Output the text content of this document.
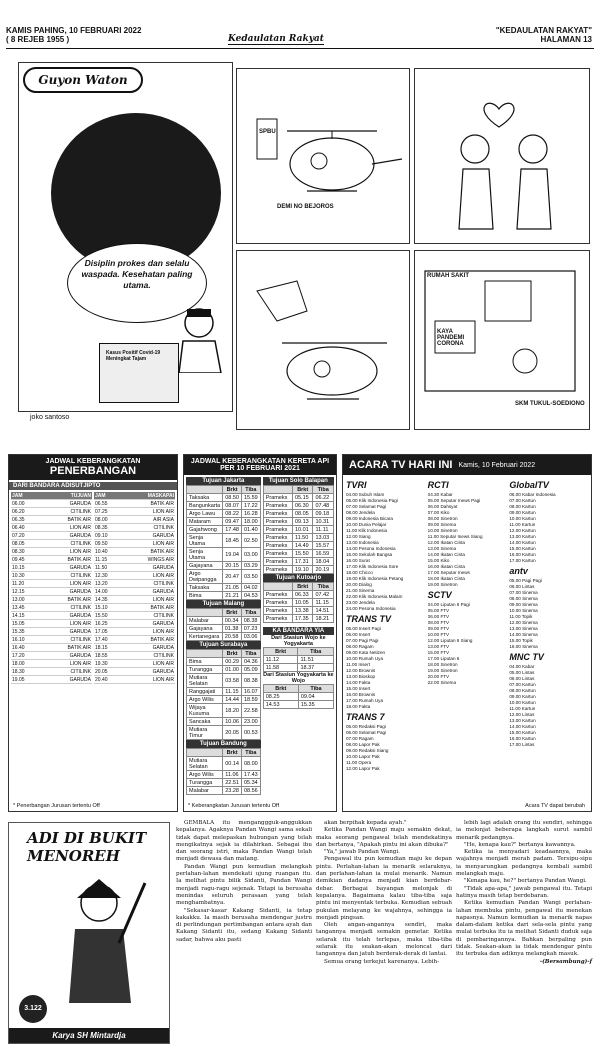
KAMIS PAHING, 10 FEBRUARI 2022
( 8 REJEB 1955 )	Kedaulatan Rakyat
"KEDAULATAN RAKYAT"
HALAMAN 13
Guyon Waton
Disiplin prokes dan selalu waspada. Kesehatan paling utama.
Kasus Positif Covid-19 Meningkat Tajam
SPBU
DEMI NO BEJOROS
RUMAH SAKIT
KAYA PANDEMI CORONA
SKM TUKUL-SOEDIONO
joko santoso
JADWAL KEBERANGKATAN
PENERBANGAN
DARI BANDARA ADISUTJIPTO
JAM	TUJUAN
06.00	GARUDA
06.20	CITILINK
06.35	BATIK AIR
06.40	LION AIR
07.20	GARUDA
08.05	CITILINK
08.30	LION AIR
09.45	BATIK AIR
10.15	GARUDA
10.30	CITILINK
11.20	LION AIR
12.15	GARUDA
13.00	BATIK AIR
13.45	CITILINK
14.15	GARUDA
15.05	LION AIR
15.35	GARUDA
16.10	CITILINK
16.40	BATIK AIR
17.20	GARUDA
18.00	LION AIR
18.30	CITILINK
19.05	GARUDA
JAM	MASKAPAI
06.55	BATIK AIR
07.25	LION AIR
08.00	AIR ASIA
08.35	CITILINK
09.10	GARUDA
09.50	LION AIR
10.40	BATIK AIR
11.15	WINGS AIR
11.50	GARUDA
12.30	LION AIR
13.20	CITILINK
14.00	GARUDA
14.35	LION AIR
15.10	BATIK AIR
15.50	CITILINK
16.25	GARUDA
17.05	LION AIR
17.40	BATIK AIR
18.15	GARUDA
18.55	CITILINK
19.30	LION AIR
20.05	GARUDA
20.40	LION AIR
* Penerbangan Jurusan tertentu Off
JADWAL KEBERANGKATAN KERETA API
PER 10 FEBRUARI 2021
Tujuan Jakarta
	Brkt	Tiba
Taksaka	08.50	15.59
Bangunkarta	08.07	17.22
Argo Lawu	08.22	16.28
Mataram	09.47	18.00
Gajahwong	17.48	01.40
Senja Utama	18.45	02.50
Senja Utama	19.04	03.00
Gajayana	20.15	03.29
Argo Dwipangga	20.47	03.50
Taksaka	21.05	04.02
Bima	21.21	04.53
Tujuan Malang
	Brkt	Tiba
Malabar	00.34	08.38
Gajayana	01.38	07.23
Kertanegara	20.58	03.06
Tujuan Surabaya
	Brkt	Tiba
Bima	00.29	04.36
Turangga	01.00	05.09
Mutiara Selatan	03.58	08.38
Ranggajati	11.15	16.07
Argo Wilis	14.44	18.59
Wijaya Kusuma	18.20	22.58
Sancaka	10.06	23.00
Mutiara Timur	20.05	00.53
Tujuan Bandung
	Brkt	Tiba
Mutiara Selatan	00.14	08.00
Argo Wilis	11.06	17.43
Turangga	22.51	05.34
Malabar	23.28	08.56
Tujuan Solo Balapan
	Brkt	Tiba
Prameks	05.15	06.22
Prameks	06.30	07.48
Prameks	08.05	09.18
Prameks	09.13	10.31
Prameks	10.01	11.11
Prameks	11.50	13.03
Prameks	14.49	15.57
Prameks	15.50	16.59
Prameks	17.31	18.04
Prameks	19.10	20.19
Tujuan Kutoarjo
	Brkt	Tiba
Prameks	06.33	07.42
Prameks	10.05	11.15
Prameks	13.38	14.51
Prameks	17.35	18.21
KA BANDARA YIA
Dari Stasiun Wojo ke Yogyakarta
Brkt	Tiba
11.12	11.51
11.58	18.37
Dari Stasiun Yogyakarta ke Wojo
Brkt	Tiba
08.25	09.04
14.53	15.35
* Keberangkatan Jurusan tertentu Off
ACARA TV HARI INI Kamis, 10 Februari 2022
TVRI
04.00 Subuh Islam
05.00 Klik Indonesia Pagi
07.00 Selamat Pagi
08.00 Jendela
09.00 Indonesia Bicara
10.00 Dunia Pelajar
11.00 Klik Indonesia
12.00 Siang
13.00 Indonesia
14.00 Pesona Indonesia
15.00 Sekolah Bangsa
16.00 Surat
17.00 Klik Indonesia Sore
18.00 Chicco
19.00 Klik Indonesia Petang
20.00 Dialog
21.00 Sinema
22.00 Klik Indonesia Malam
23.00 Jendela
24.00 Pesona Indonesia
TRANS TV
05.00 Insert Pagi
06.00 Insert
07.00 Pagi Pagi
08.00 Ragam
09.00 Kata Netizen
10.00 Rumah Uya
11.00 Insert
12.00 Brownis
13.00 Bioskop
14.00 Fakta
15.00 Insert
16.00 Brownis
17.00 Rumah Uya
18.00 Fakta
TRANS 7
05.00 Redaksi Pagi
06.00 Selamat Pagi
07.00 Ragam
08.00 Lapor Pak
09.00 Redaksi Siang
10.00 Lapor Pak
11.00 Opera
12.00 Lapor Pak
RCTI
04.30 Kabar
05.00 Seputar Inews Pagi
06.00 Dahsyat
07.00 Kiko
08.00 Sinetron
09.00 Sinema
10.00 Sinetron
11.00 Seputar Inews Siang
12.00 Ikatan Cinta
13.00 Sinema
14.00 Ikatan Cinta
15.00 Kiko
16.00 Ikatan Cinta
17.00 Seputar Inews
18.00 Ikatan Cinta
19.00 Sinetron
SCTV
04.00 Liputan 6 Pagi
05.00 FTV
06.00 FTV
08.00 FTV
09.00 FTV
10.00 FTV
12.00 Liputan 6 Siang
13.00 FTV
15.00 FTV
17.00 Liputan 6
18.00 Sinetron
19.00 Sinetron
20.00 FTV
22.00 Sinema
GlobalTV
06.00 Kabar Indonesia
07.00 Kartun
08.00 Kartun
09.00 Kartun
10.00 Kartun
11.00 Kartun
12.00 Kartun
13.00 Kartun
14.00 Kartun
15.00 Kartun
16.00 Kartun
17.00 Kartun
antv
05.00 Pagi Pagi
06.00 Lintas
07.00 Sinema
08.00 Sinema
09.00 Sinema
10.00 Sinema
11.00 Topik
12.00 Sinema
13.00 Sinema
14.00 Sinema
15.00 Topik
16.00 Sinema
MNC TV
04.00 Kabar
05.00 Lintas
06.00 Lintas
07.00 Kartun
08.00 Kartun
09.00 Kartun
10.00 Kartun
11.00 Kartun
12.00 Lintas
13.00 Kartun
14.00 Kartun
15.00 Kartun
16.00 Kartun
17.00 Lintas
Acara TV dapat berubah
ADI DI BUKIT MENOREH
3.122
Karya SH Mintardja

GEMBALA itu menganggguk-anggukkan kepalanya. Agaknya Pandan Wangi sama sekali tidak dapat melepaskan hubungan yang telah mengikatnya sejak ia dilahirkan. Sebagai ibu dan seorang istri, maka Pandan Wangi telah menjadi dewasa dan matang.

Pandan Wangi pun kemudian melangkah perlahan-lahan mendekati ujung ruangan itu. Ia melihat pintu bilik Sidanti, Pandan Wangi menjadi ragu-ragu sejenak. Tetapi ia berusaha menindas seluruh perasaan yang telah menghambatnya.

"Sekasar-kasar Kakang Sidanti, ia tetap kakakku. Ia masih berusaha mendengar justru di perlindungan pertimbangan antara ayah dan Kakang Sidanti itu, sedang Kakang Sidanti sadar, bahwa aku pasti

akan berpihak kepada ayah."

Ketika Pandan Wangi maju semakin dekat, maka seorang pengawal telah mendekatinya dan bertanya, "Apakah pintu ini akan dibuka?"

"Ya," jawab Pandan Wangi.

Pengawal itu pun kemudian maju ke depan pintu. Perlahan-lahan ia menarik selaraknya, dan perlahan-lahan ia mulai menarik. Namun demikian dadanya menjadi kian berdebar-debar. Berbagai bayangan melonjak di kepalanya. Bagaimana kalau tiba-tiba saja pintu ini menyentak terbuka. Kemudian sebuah pukulan melayang ke wajahnya, sehingga ia menjadi pingsan.

Oleh angan-angannya sendiri, maka tangannya menjadi semakin gemetar. Ketika selarak itu telah terlepas, maka tiba-tiba selarak itu seakan-akan meloncat dari tangannya dan jatuh berderak-derak di lantai.

Semua orang terkejut karenanya. Lebih-

lebih lagi adalah orang itu sendiri, sehingga ia melonjat beberapa langkah surut sambil menarik pedangnya.

"He, kenapa kau?" bertanya kawannya.

Ketika ia menyadari keadaannya, maka wajahnya menjadi merah padam. Tersipu-sipu ia menyarungkan pedangnya kembali sambil melangkah maju.

"Kenapa kau, he?" bertanya Pandan Wangi.

"Tidak apa-apa," jawab pengawal itu. Tetapi hatinya masih tetap berdebaran.

Ketika kemudian Pandan Wangi perlahan-lahan membuka pintu, pengawal itu menekan napasnya. Namun kemudian ia menarik napas dalam-dalam ketika dari sela-sela pintu yang mulai terbuka itu ia melihat Sidanti duduk saja di pembaringannya. Bahkan berpaling pun tidak. Seakan-akan ia tidak mendengar pintu itu terbuka dan adiknya melangkah masuk.

-(Bersambung)-f
